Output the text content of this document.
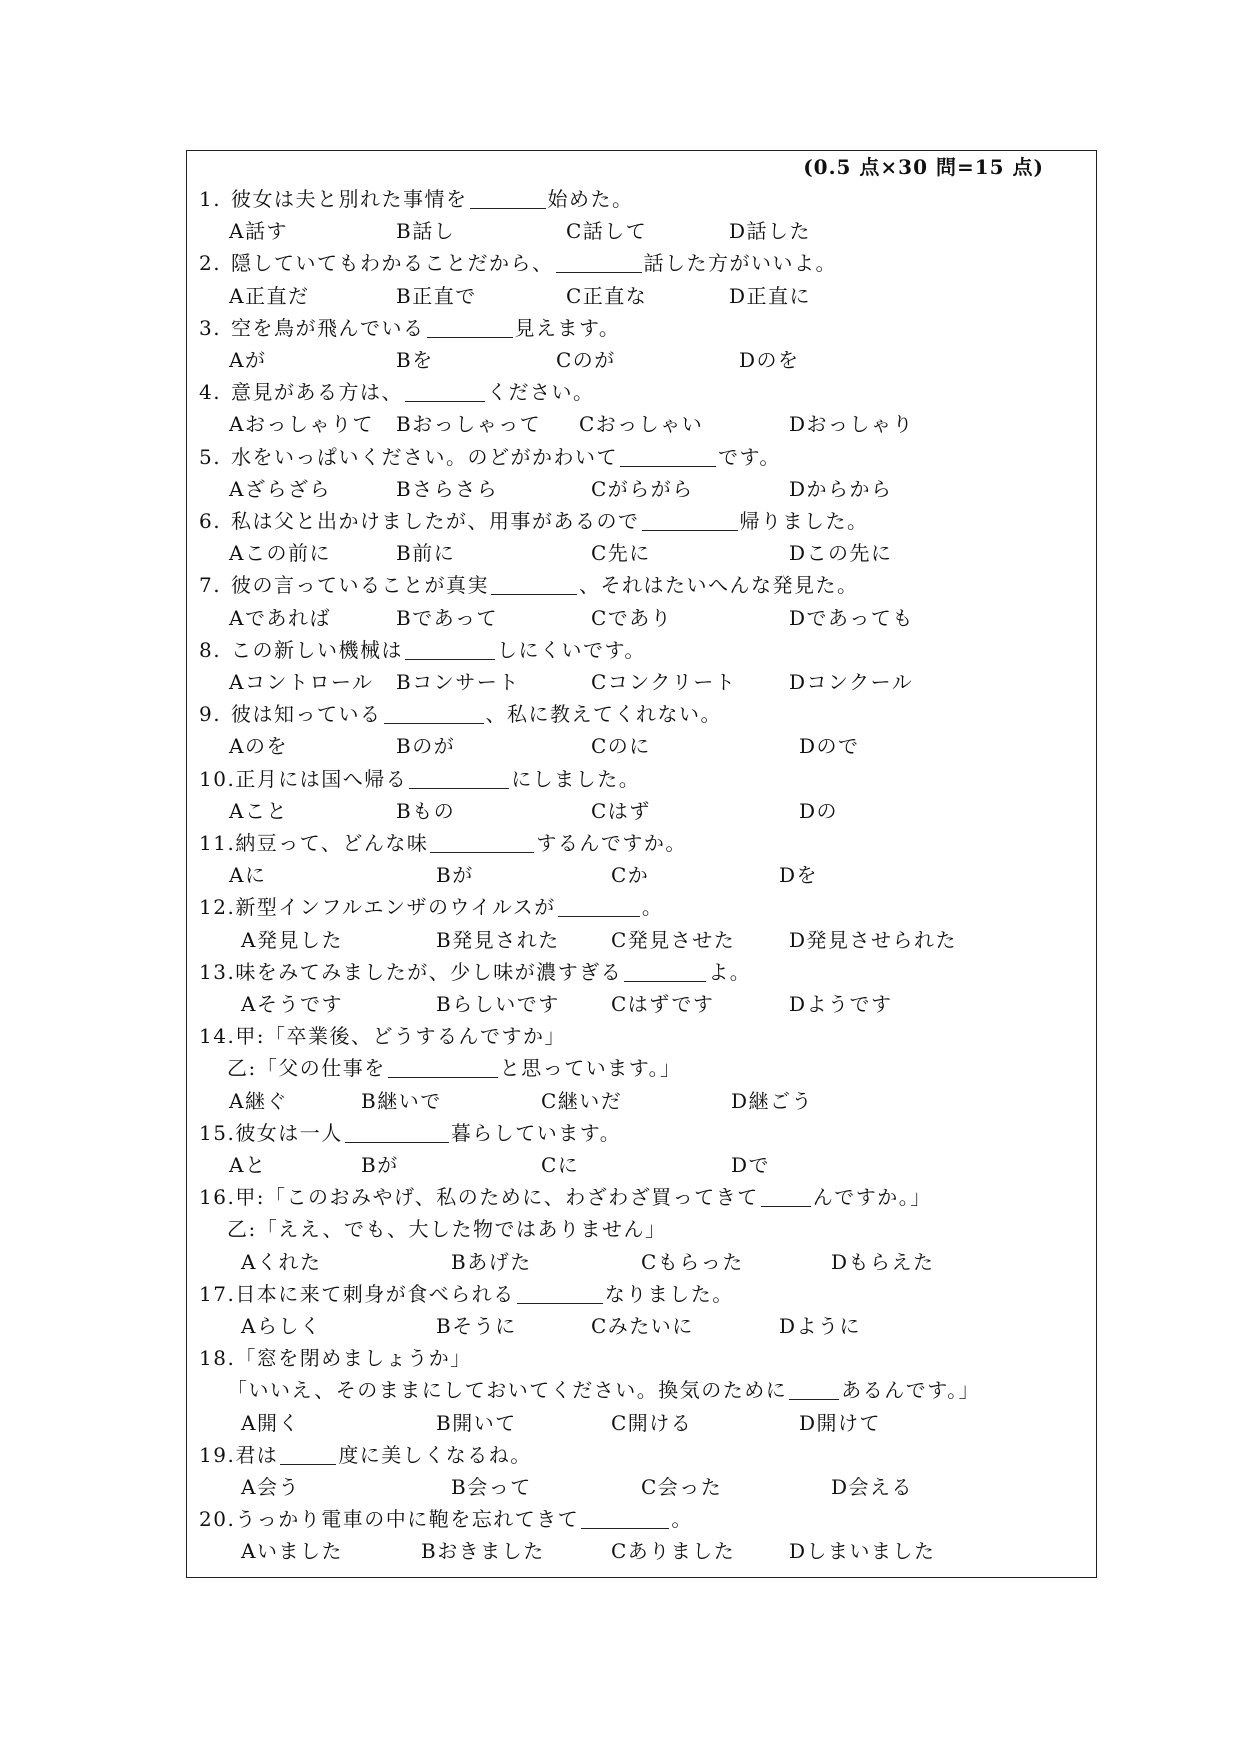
(0.5 点×30 問=15 点)
1. 彼女は夫と別れた事情を	始めた。
A話す	B話し	C話して	D話した
2. 隠していてもわかることだから、	話した方がいいよ。
A正直だ	B正直で	C正直な	D正直に
3. 空を鳥が飛んでいる	見えます。
Aが	Bを	Cのが	Dのを
4. 意見がある方は、	ください。
Aおっしゃりて Bおっしゃって Cおっしゃい	Dおっしゃり
5. 水をいっぱいください。のどがかわいて	です。
Aざらざら	Bさらさら	Cがらがら	Dからから
6. 私は父と出かけましたが、用事があるので	帰りました。
Aこの前に	B前に	C先に	Dこの先に
7. 彼の言っていることが真実	、それはたいへんな発見た。
Aであれば	Bであって	Cであり	Dであっても
8. この新しい機械は	しにくいです。
Aコントロール Bコンサート	Cコンクリート	Dコンクール
9. 彼は知っている	、私に教えてくれない。
Aのを	Bのが	Cのに	Dので
10.正月には国へ帰る	にしました。
Aこと	Bもの	Cはず	Dの
11.納豆って、どんな味	するんですか。
Aに	Bが	Cか	Dを
12.新型インフルエンザのウイルスが	。
A発見した	B発見された	C発見させた	D発見させられた
13.味をみてみましたが、少し味が濃すぎる	よ。
Aそうです	Bらしいです	Cはずです	Dようです
14.甲:「卒業後、どうするんですか」
乙:「父の仕事を	と思っています。」
A継ぐ	B継いで	C継いだ	D継ごう
15.彼女は一人	暮らしています。
Aと	Bが	Cに	Dで
16.甲:「このおみやげ、私のために、わざわざ買ってきて	んですか。」
乙:「ええ、でも、大した物ではありません」
Aくれた	Bあげた	Cもらった	Dもらえた
17.日本に来て刺身が食べられる	なりました。
Aらしく	Bそうに	Cみたいに	Dように
18.「窓を閉めましょうか」
「いいえ、そのままにしておいてください。換気のために	あるんです。」
A開く	B開いて	C開ける	D開けて
19.君は	度に美しくなるね。
A会う	B会って	C会った	D会える
20.うっかり電車の中に鞄を忘れてきて	。
Aいました	Bおきました	Cありました	Dしまいました
